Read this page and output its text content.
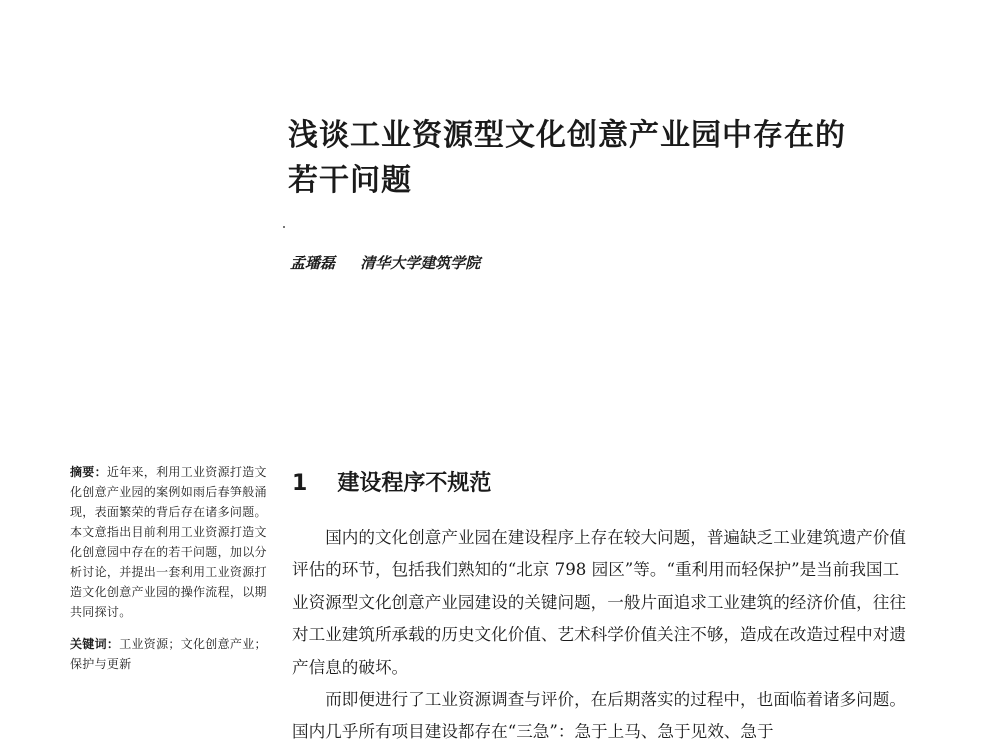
浅谈工业资源型文化创意产业园中存在的
若干问题
孟璠磊 清华大学建筑学院
摘要：近年来，利用工业资源打造文化创意产业园的案例如雨后春笋般涌现，表面繁荣的背后存在诸多问题。本文意指出目前利用工业资源打造文化创意园中存在的若干问题，加以分析讨论，并提出一套利用工业资源打造文化创意产业园的操作流程，以期共同探讨。
关键词：工业资源；文化创意产业；保护与更新
1 建设程序不规范

国内的文化创意产业园在建设程序上存在较大问题，普遍缺乏工业建筑遗产价值评估的环节，包括我们熟知的“北京 798 园区”等。“重利用而轻保护”是当前我国工业资源型文化创意产业园建设的关键问题，一般片面追求工业建筑的经济价值，往往对工业建筑所承载的历史文化价值、艺术科学价值关注不够，造成在改造过程中对遗产信息的破坏。

而即便进行了工业资源调查与评价，在后期落实的过程中，也面临着诸多问题。国内几乎所有项目建设都存在“三急”：急于上马、急于见效、急于
